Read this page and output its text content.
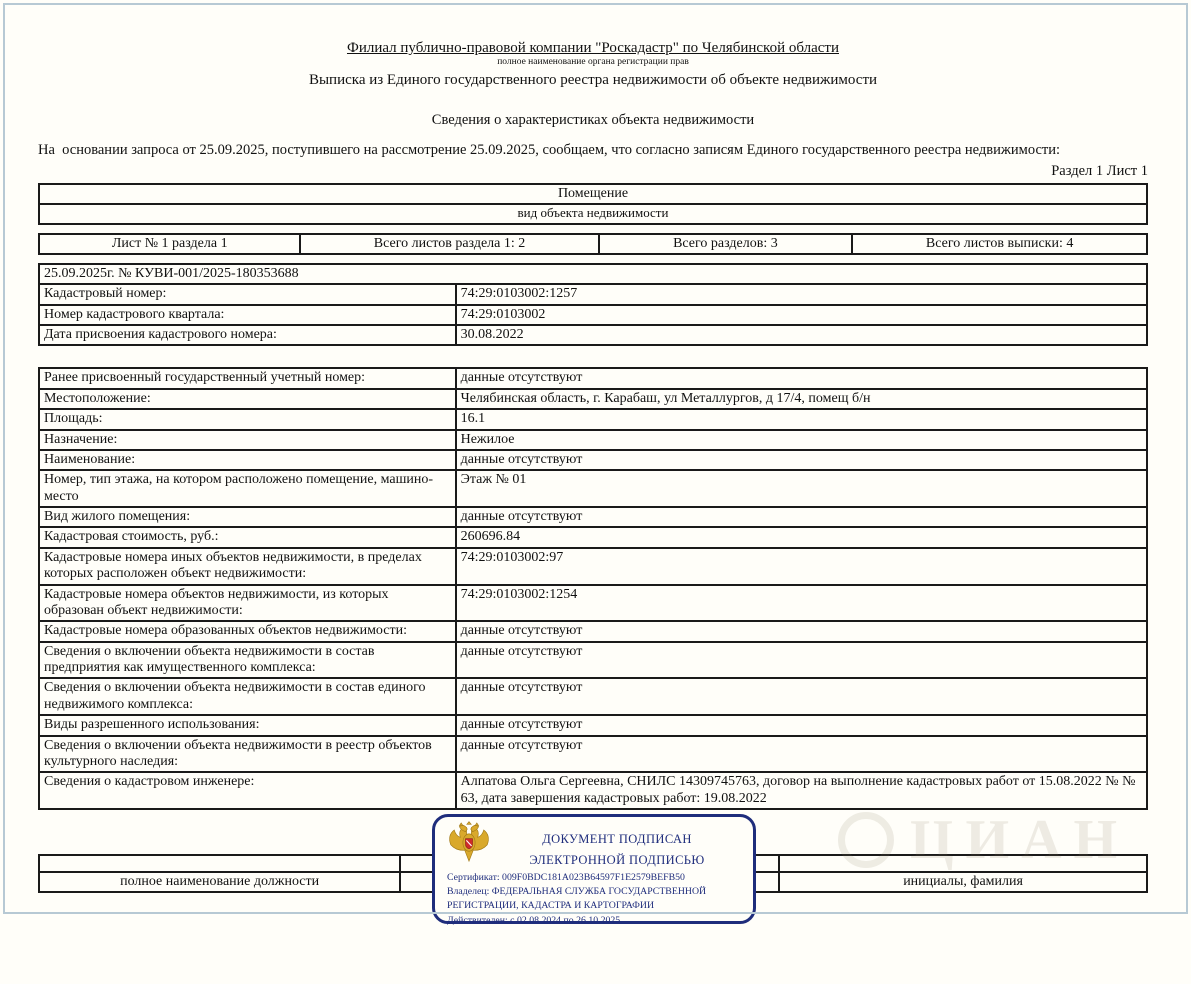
Филиал публично-правовой компании "Роскадастр" по Челябинской области
полное наименование органа регистрации прав
Выписка из Единого государственного реестра недвижимости об объекте недвижимости
Сведения о характеристиках объекта недвижимости
На  основании запроса от 25.09.2025, поступившего на рассмотрение 25.09.2025, сообщаем, что согласно записям Единого государственного реестра недвижимости:
Раздел 1 Лист 1
Помещение
вид объекта недвижимости
Лист № 1 раздела 1	Всего листов раздела 1: 2	Всего разделов: 3	Всего листов выписки: 4
25.09.2025г. № КУВИ-001/2025-180353688	
Кадастровый номер:	74:29:0103002:1257
Номер кадастрового квартала:	74:29:0103002
Дата присвоения кадастрового номера:	30.08.2022
Ранее присвоенный государственный учетный номер:	данные отсутствуют
Местоположение:	Челябинская область, г. Карабаш, ул Металлургов, д 17/4, помещ б/н
Площадь:	16.1
Назначение:	Нежилое
Наименование:	данные отсутствуют
Номер, тип этажа, на котором расположено помещение, машино-место	Этаж № 01
Вид жилого помещения:	данные отсутствуют
Кадастровая стоимость, руб.:	260696.84
Кадастровые номера иных объектов недвижимости, в пределах которых расположен объект недвижимости:	74:29:0103002:97
Кадастровые номера объектов недвижимости, из которых образован объект недвижимости:	74:29:0103002:1254
Кадастровые номера образованных объектов недвижимости:	данные отсутствуют
Сведения о включении объекта недвижимости в состав предприятия как имущественного комплекса:	данные отсутствуют
Сведения о включении объекта недвижимости в состав единого недвижимого комплекса:	данные отсутствуют
Виды разрешенного использования:	данные отсутствуют
Сведения о включении объекта недвижимости в реестр объектов культурного наследия:	данные отсутствуют
Сведения о кадастровом инженере:	Алпатова Ольга Сергеевна, СНИЛС 14309745763, договор на выполнение кадастровых работ от 15.08.2022 № № 63, дата завершения кадастровых работ: 19.08.2022
ЦИАН

полное наименование должности		инициалы, фамилия
ДОКУМЕНТ ПОДПИСАН
ЭЛЕКТРОННОЙ ПОДПИСЬЮ
Сертификат: 009F0BDC181A023B64597F1E2579BEFB50
Владелец: ФЕДЕРАЛЬНАЯ СЛУЖБА ГОСУДАРСТВЕННОЙ
РЕГИСТРАЦИИ, КАДАСТРА И КАРТОГРАФИИ
Действителен: с 02.08.2024 по 26.10.2025
